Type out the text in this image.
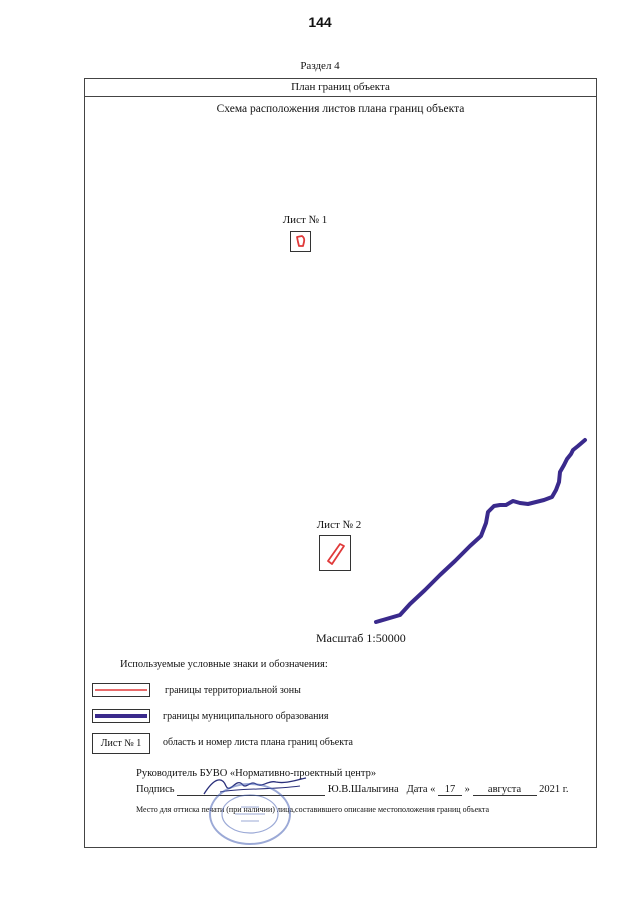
144
Раздел 4
План границ объекта
Схема расположения листов плана границ объекта
Лист № 1
Лист № 2
Масштаб 1:50000
Используемые условные знаки и обозначения:
границы территориальной зоны
границы муниципального образования
Лист № 1	область и номер листа плана границ объекта
Руководитель БУВО «Нормативно-проектный центр»
Подпись	Ю.В.Шалыгина Дата « 17 » августа 2021 г.
Место для оттиска печати (при наличии) лица,составившего описание местоположения границ объекта
